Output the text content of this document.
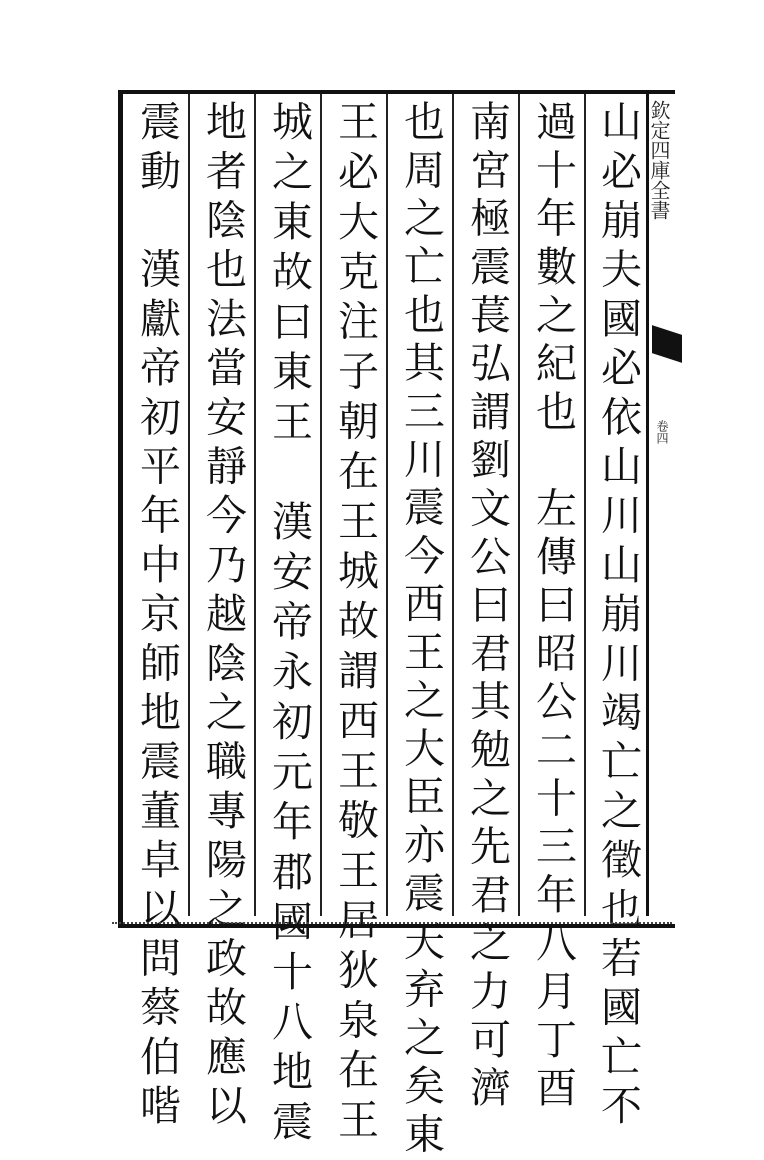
欽定四庫全書
卷四
山必崩夫國必依山川山崩川竭亡之徵也若國亡不
過十年數之紀也　左傳曰昭公二十三年八月丁酉
南宮極震萇弘謂劉文公曰君其勉之先君之力可濟
也周之亡也其三川震今西王之大臣亦震天弃之矣東
王必大克注子朝在王城故謂西王敬王居狄泉在王
城之東故曰東王　漢安帝永初元年郡國十八地震
地者陰也法當安靜今乃越陰之職專陽之政故應以
震動　漢獻帝初平年中京師地震董卓以問蔡伯喈
